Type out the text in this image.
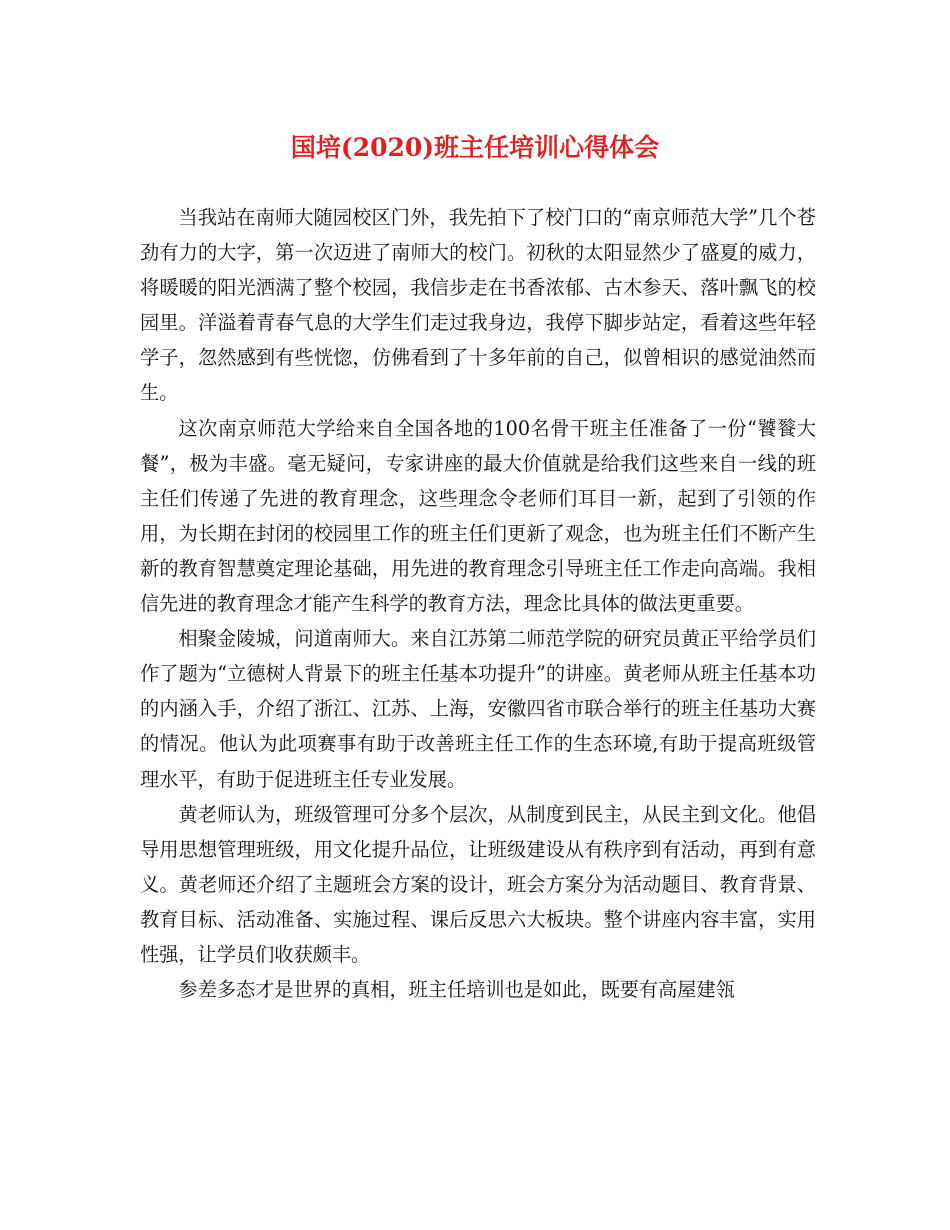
国培(2020)班主任培训心得体会

当我站在南师大随园校区门外，我先拍下了校门口的“南京师范大学”几个苍劲有力的大字，第一次迈进了南师大的校门。初秋的太阳显然少了盛夏的威力，将暖暖的阳光洒满了整个校园，我信步走在书香浓郁、古木参天、落叶飘飞的校园里。洋溢着青春气息的大学生们走过我身边，我停下脚步站定，看着这些年轻学子，忽然感到有些恍惚，仿佛看到了十多年前的自己，似曾相识的感觉油然而生。

这次南京师范大学给来自全国各地的100名骨干班主任准备了一份“饕餮大餐”，极为丰盛。毫无疑问，专家讲座的最大价值就是给我们这些来自一线的班主任们传递了先进的教育理念，这些理念令老师们耳目一新，起到了引领的作用，为长期在封闭的校园里工作的班主任们更新了观念，也为班主任们不断产生新的教育智慧奠定理论基础，用先进的教育理念引导班主任工作走向高端。我相信先进的教育理念才能产生科学的教育方法，理念比具体的做法更重要。

相聚金陵城，问道南师大。来自江苏第二师范学院的研究员黄正平给学员们作了题为“立德树人背景下的班主任基本功提升”的讲座。黄老师从班主任基本功的内涵入手，介绍了浙江、江苏、上海，安徽四省市联合举行的班主任基功大赛的情况。他认为此项赛事有助于改善班主任工作的生态环境,有助于提高班级管理水平，有助于促进班主任专业发展。

黄老师认为，班级管理可分多个层次，从制度到民主，从民主到文化。他倡导用思想管理班级，用文化提升品位，让班级建设从有秩序到有活动，再到有意义。黄老师还介绍了主题班会方案的设计，班会方案分为活动题目、教育背景、教育目标、活动准备、实施过程、课后反思六大板块。整个讲座内容丰富，实用性强，让学员们收获颇丰。

参差多态才是世界的真相，班主任培训也是如此，既要有高屋建瓴
